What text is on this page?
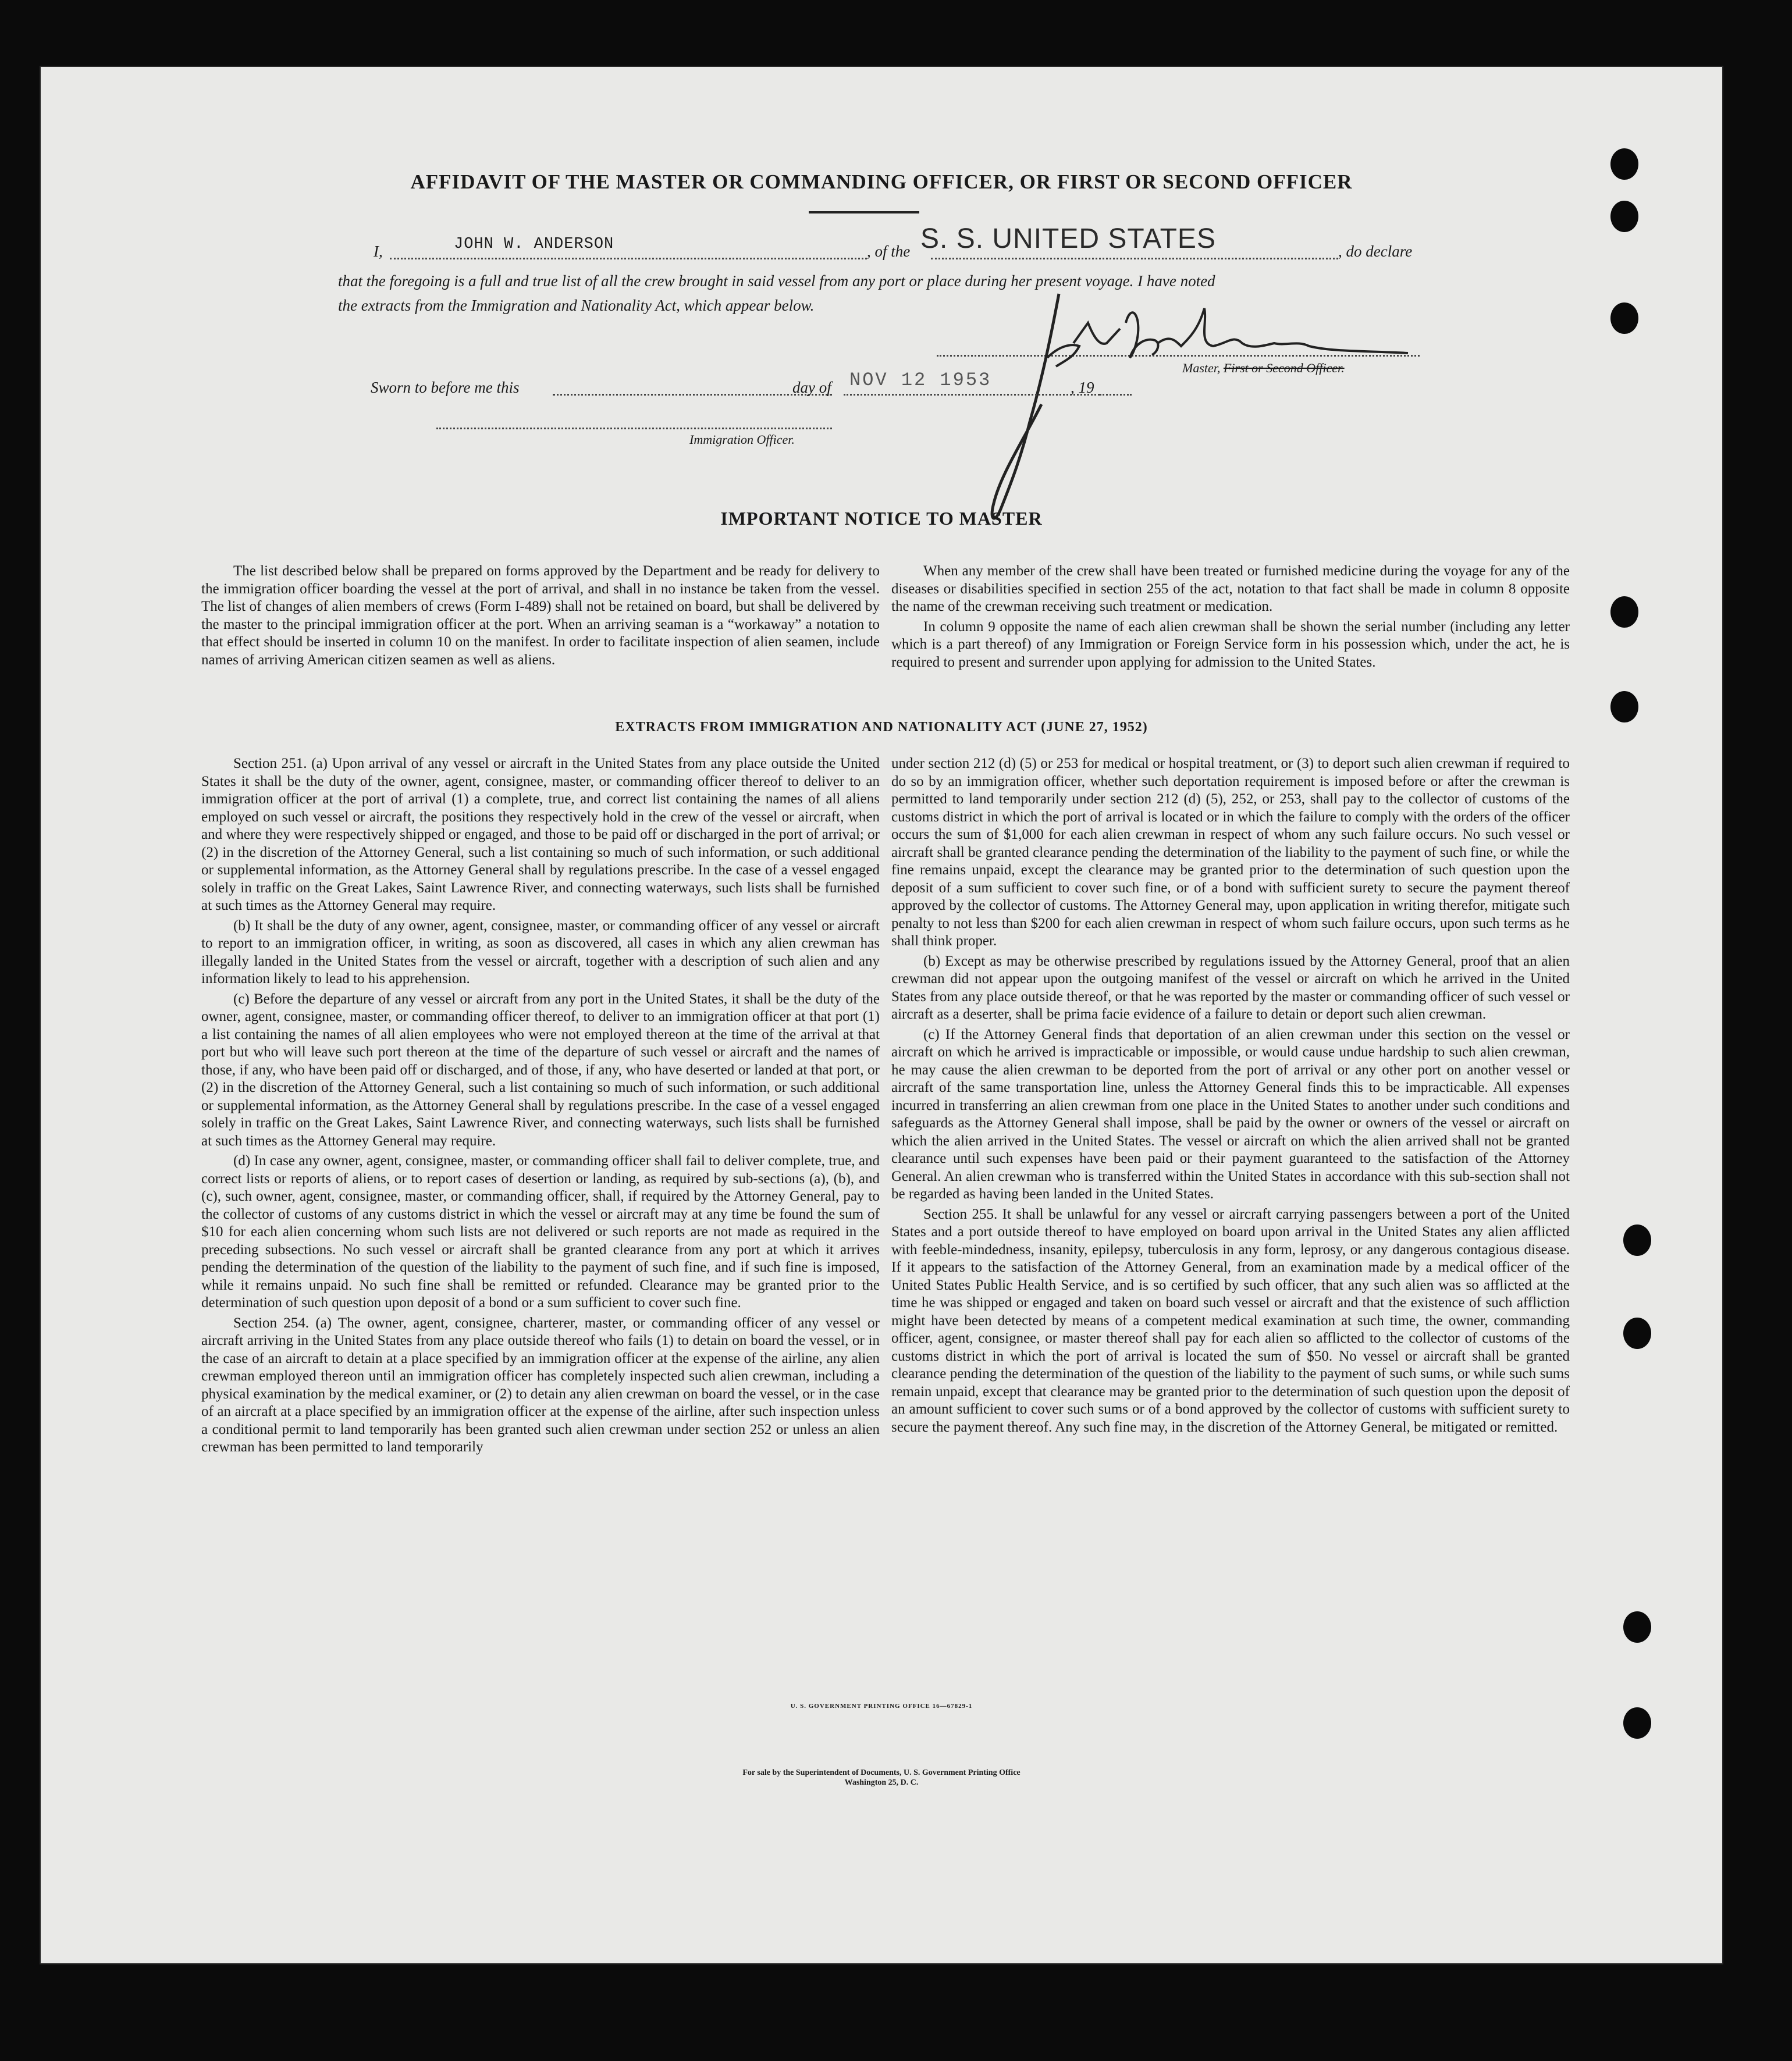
AFFIDAVIT OF THE MASTER OR COMMANDING OFFICER, OR FIRST OR SECOND OFFICER
I,	JOHN W. ANDERSON	, of the S. S. UNITED STATES	, do declare
that the foregoing is a full and true list of all the crew brought in said vessel from any port or place during her present voyage. I have noted
the extracts from the Immigration and Nationality Act, which appear below.
Master, First or Second Officer.
Sworn to before me this	day of NOV 12 1953	, 19
Immigration Officer.
IMPORTANT NOTICE TO MASTER

The list described below shall be prepared on forms approved by the Department and be ready for delivery to the immigration officer boarding the vessel at the port of arrival, and shall in no instance be taken from the vessel. The list of changes of alien members of crews (Form I-489) shall not be retained on board, but shall be delivered by the master to the principal immigration officer at the port. When an arriving seaman is a “workaway” a notation to that effect should be inserted in column 10 on the manifest. In order to facilitate inspection of alien seamen, include names of arriving American citizen seamen as well as aliens.

When any member of the crew shall have been treated or furnished medicine during the voyage for any of the diseases or disabilities specified in section 255 of the act, notation to that fact shall be made in column 8 opposite the name of the crewman receiving such treatment or medication.

In column 9 opposite the name of each alien crewman shall be shown the serial number (including any letter which is a part thereof) of any Immigration or Foreign Service form in his possession which, under the act, he is required to present and surrender upon applying for admission to the United States.

EXTRACTS FROM IMMIGRATION AND NATIONALITY ACT (JUNE 27, 1952)

Section 251. (a) Upon arrival of any vessel or aircraft in the United States from any place outside the United States it shall be the duty of the owner, agent, consignee, master, or commanding officer thereof to deliver to an immigration officer at the port of arrival (1) a complete, true, and correct list containing the names of all aliens employed on such vessel or aircraft, the positions they respectively hold in the crew of the vessel or aircraft, when and where they were respectively shipped or engaged, and those to be paid off or discharged in the port of arrival; or (2) in the discretion of the Attorney General, such a list containing so much of such information, or such additional or supplemental information, as the Attorney General shall by regulations prescribe. In the case of a vessel engaged solely in traffic on the Great Lakes, Saint Lawrence River, and connecting waterways, such lists shall be furnished at such times as the Attorney General may require.

(b) It shall be the duty of any owner, agent, consignee, master, or commanding officer of any vessel or aircraft to report to an immigration officer, in writing, as soon as discovered, all cases in which any alien crewman has illegally landed in the United States from the vessel or aircraft, together with a description of such alien and any information likely to lead to his apprehension.

(c) Before the departure of any vessel or aircraft from any port in the United States, it shall be the duty of the owner, agent, consignee, master, or commanding officer thereof, to deliver to an immigration officer at that port (1) a list containing the names of all alien employees who were not employed thereon at the time of the arrival at that port but who will leave such port thereon at the time of the departure of such vessel or aircraft and the names of those, if any, who have been paid off or discharged, and of those, if any, who have deserted or landed at that port, or (2) in the discretion of the Attorney General, such a list containing so much of such information, or such additional or supplemental information, as the Attorney General shall by regulations prescribe. In the case of a vessel engaged solely in traffic on the Great Lakes, Saint Lawrence River, and connecting waterways, such lists shall be furnished at such times as the Attorney General may require.

(d) In case any owner, agent, consignee, master, or commanding officer shall fail to deliver complete, true, and correct lists or reports of aliens, or to report cases of desertion or landing, as required by sub-sections (a), (b), and (c), such owner, agent, consignee, master, or commanding officer, shall, if required by the Attorney General, pay to the collector of customs of any customs district in which the vessel or aircraft may at any time be found the sum of $10 for each alien concerning whom such lists are not delivered or such reports are not made as required in the preceding subsections. No such vessel or aircraft shall be granted clearance from any port at which it arrives pending the determination of the question of the liability to the payment of such fine, and if such fine is imposed, while it remains unpaid. No such fine shall be remitted or refunded. Clearance may be granted prior to the determination of such question upon deposit of a bond or a sum sufficient to cover such fine.

Section 254. (a) The owner, agent, consignee, charterer, master, or commanding officer of any vessel or aircraft arriving in the United States from any place outside thereof who fails (1) to detain on board the vessel, or in the case of an aircraft to detain at a place specified by an immigration officer at the expense of the airline, any alien crewman employed thereon until an immigration officer has completely inspected such alien crewman, including a physical examination by the medical examiner, or (2) to detain any alien crewman on board the vessel, or in the case of an aircraft at a place specified by an immigration officer at the expense of the airline, after such inspection unless a conditional permit to land temporarily has been granted such alien crewman under section 252 or unless an alien crewman has been permitted to land temporarily

under section 212 (d) (5) or 253 for medical or hospital treatment, or (3) to deport such alien crewman if required to do so by an immigration officer, whether such deportation requirement is imposed before or after the crewman is permitted to land temporarily under section 212 (d) (5), 252, or 253, shall pay to the collector of customs of the customs district in which the port of arrival is located or in which the failure to comply with the orders of the officer occurs the sum of $1,000 for each alien crewman in respect of whom any such failure occurs. No such vessel or aircraft shall be granted clearance pending the determination of the liability to the payment of such fine, or while the fine remains unpaid, except the clearance may be granted prior to the determination of such question upon the deposit of a sum sufficient to cover such fine, or of a bond with sufficient surety to secure the payment thereof approved by the collector of customs. The Attorney General may, upon application in writing therefor, mitigate such penalty to not less than $200 for each alien crewman in respect of whom such failure occurs, upon such terms as he shall think proper.

(b) Except as may be otherwise prescribed by regulations issued by the Attorney General, proof that an alien crewman did not appear upon the outgoing manifest of the vessel or aircraft on which he arrived in the United States from any place outside thereof, or that he was reported by the master or commanding officer of such vessel or aircraft as a deserter, shall be prima facie evidence of a failure to detain or deport such alien crewman.

(c) If the Attorney General finds that deportation of an alien crewman under this section on the vessel or aircraft on which he arrived is impracticable or impossible, or would cause undue hardship to such alien crewman, he may cause the alien crewman to be deported from the port of arrival or any other port on another vessel or aircraft of the same transportation line, unless the Attorney General finds this to be impracticable. All expenses incurred in transferring an alien crewman from one place in the United States to another under such conditions and safeguards as the Attorney General shall impose, shall be paid by the owner or owners of the vessel or aircraft on which the alien arrived in the United States. The vessel or aircraft on which the alien arrived shall not be granted clearance until such expenses have been paid or their payment guaranteed to the satisfaction of the Attorney General. An alien crewman who is transferred within the United States in accordance with this sub-section shall not be regarded as having been landed in the United States.

Section 255. It shall be unlawful for any vessel or aircraft carrying passengers between a port of the United States and a port outside thereof to have employed on board upon arrival in the United States any alien afflicted with feeble-mindedness, insanity, epilepsy, tuberculosis in any form, leprosy, or any dangerous contagious disease. If it appears to the satisfaction of the Attorney General, from an examination made by a medical officer of the United States Public Health Service, and is so certified by such officer, that any such alien was so afflicted at the time he was shipped or engaged and taken on board such vessel or aircraft and that the existence of such affliction might have been detected by means of a competent medical examination at such time, the owner, commanding officer, agent, consignee, or master thereof shall pay for each alien so afflicted to the collector of customs of the customs district in which the port of arrival is located the sum of $50. No vessel or aircraft shall be granted clearance pending the determination of the question of the liability to the payment of such sums, or while such sums remain unpaid, except that clearance may be granted prior to the determination of such question upon the deposit of an amount sufficient to cover such sums or of a bond approved by the collector of customs with sufficient surety to secure the payment thereof. Any such fine may, in the discretion of the Attorney General, be mitigated or remitted.

U. S. GOVERNMENT PRINTING OFFICE 16—67829-1
For sale by the Superintendent of Documents, U. S. Government Printing Office
Washington 25, D. C.
